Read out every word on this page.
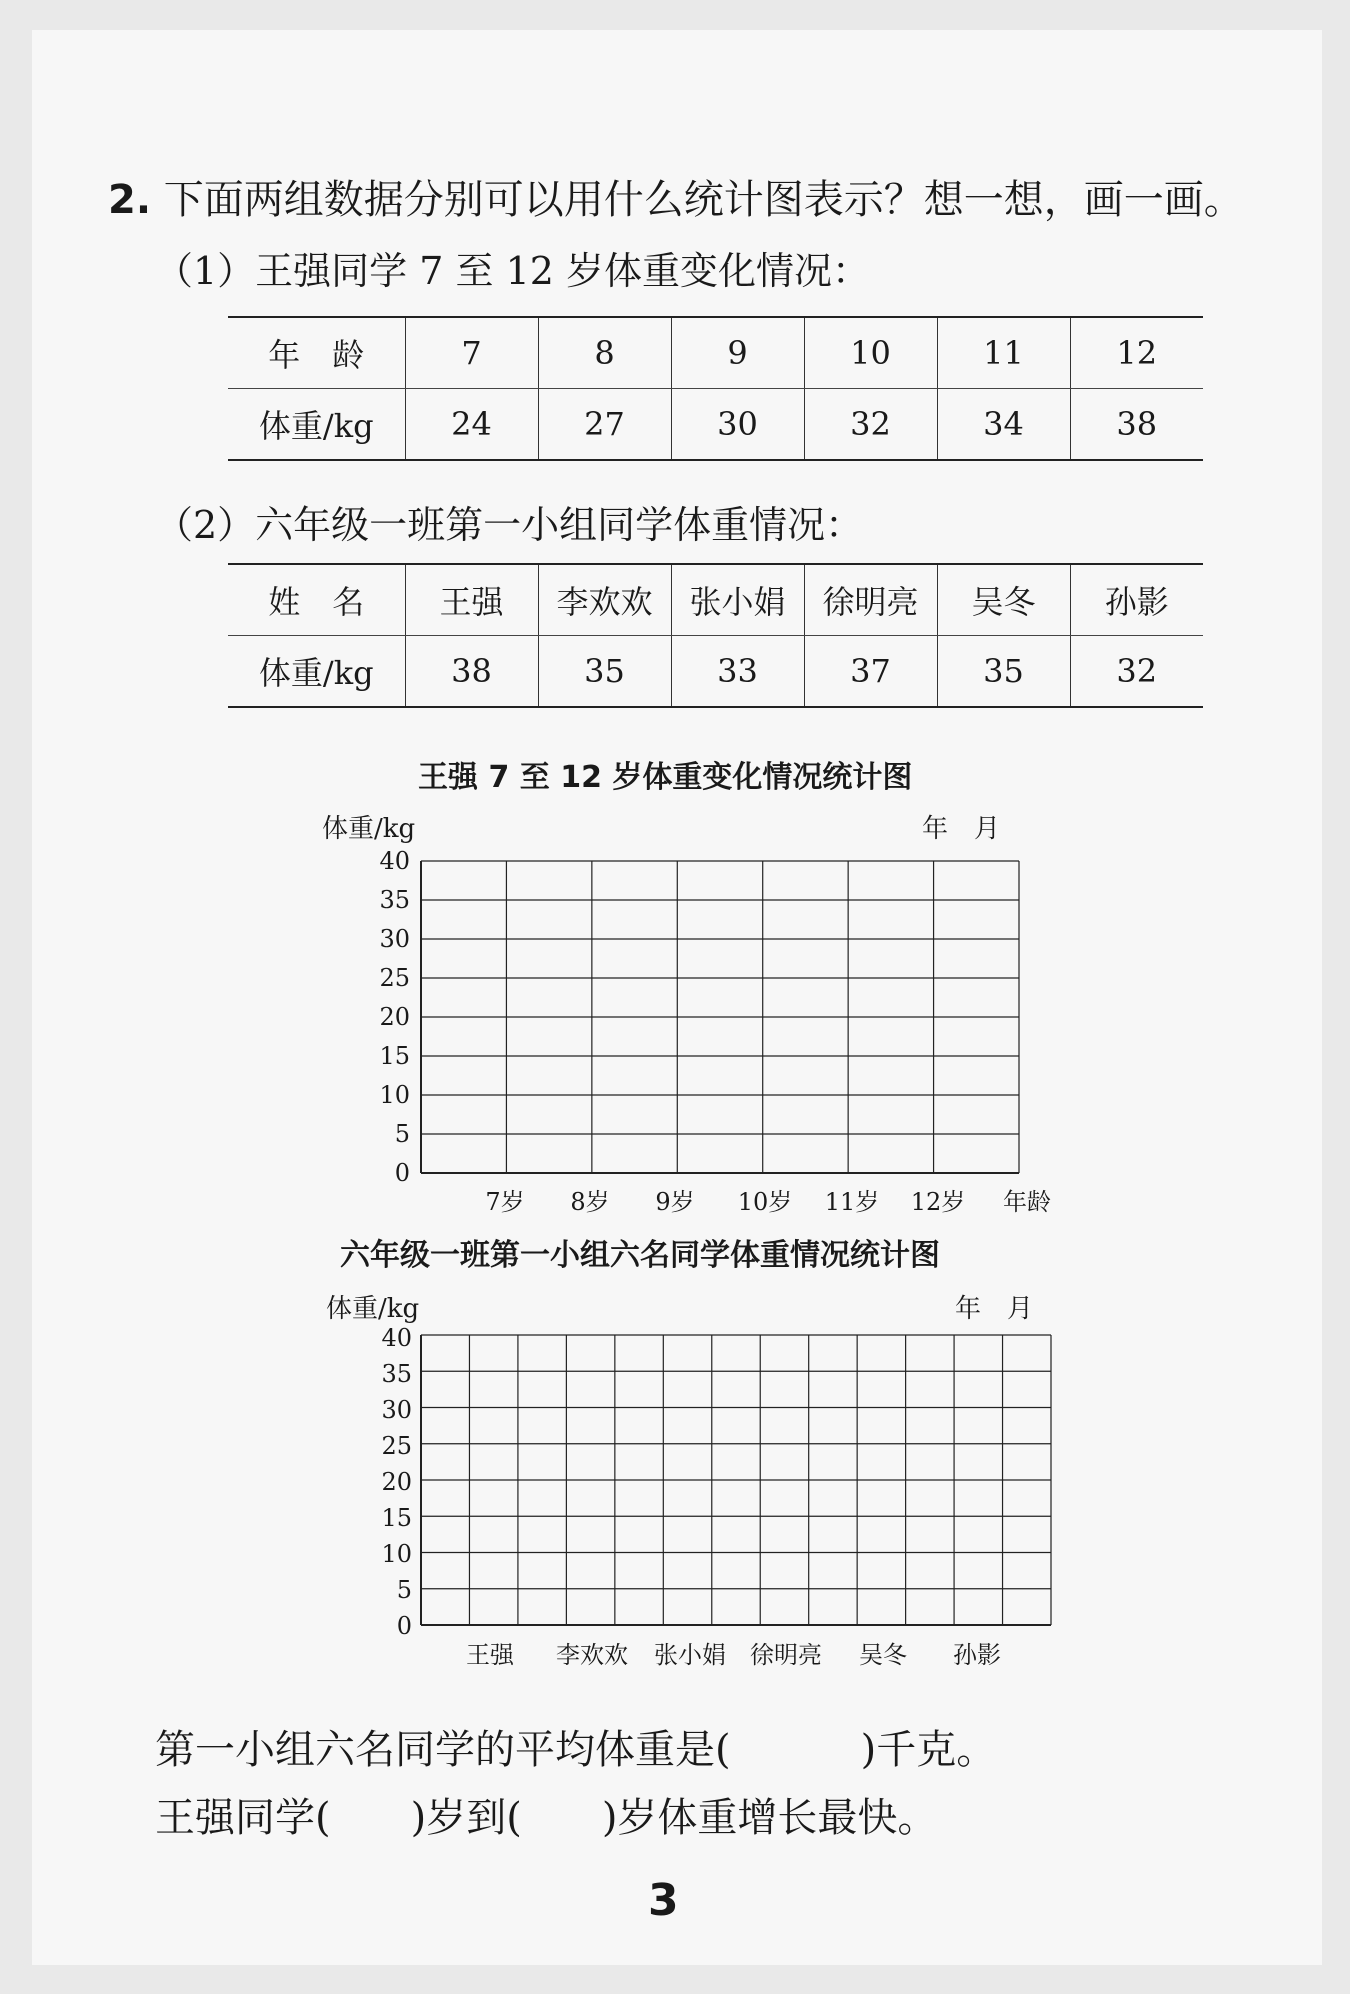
2. 下面两组数据分别可以用什么统计图表示？想一想，画一画。
（1）王强同学 7 至 12 岁体重变化情况：
年　龄	7	8	9	10	11	12
体重/kg	24	27	30	32	34	38
（2）六年级一班第一小组同学体重情况：
姓　名	王强	李欢欢	张小娟	徐明亮	吴冬	孙影
体重/kg	38	35	33	37	35	32
王强 7 至 12 岁体重变化情况统计图
体重/kg	年　月
40
35
30
25
20
15
10
5
0
7岁	8岁	9岁	10岁	11岁	12岁	年龄
六年级一班第一小组六名同学体重情况统计图
体重/kg	年　月
40
35
30
25
20
15
10
5
0
王强	李欢欢	张小娟	徐明亮	吴冬	孙影
第一小组六名同学的平均体重是(	)千克。
王强同学( )岁到( )岁体重增长最快。
3
